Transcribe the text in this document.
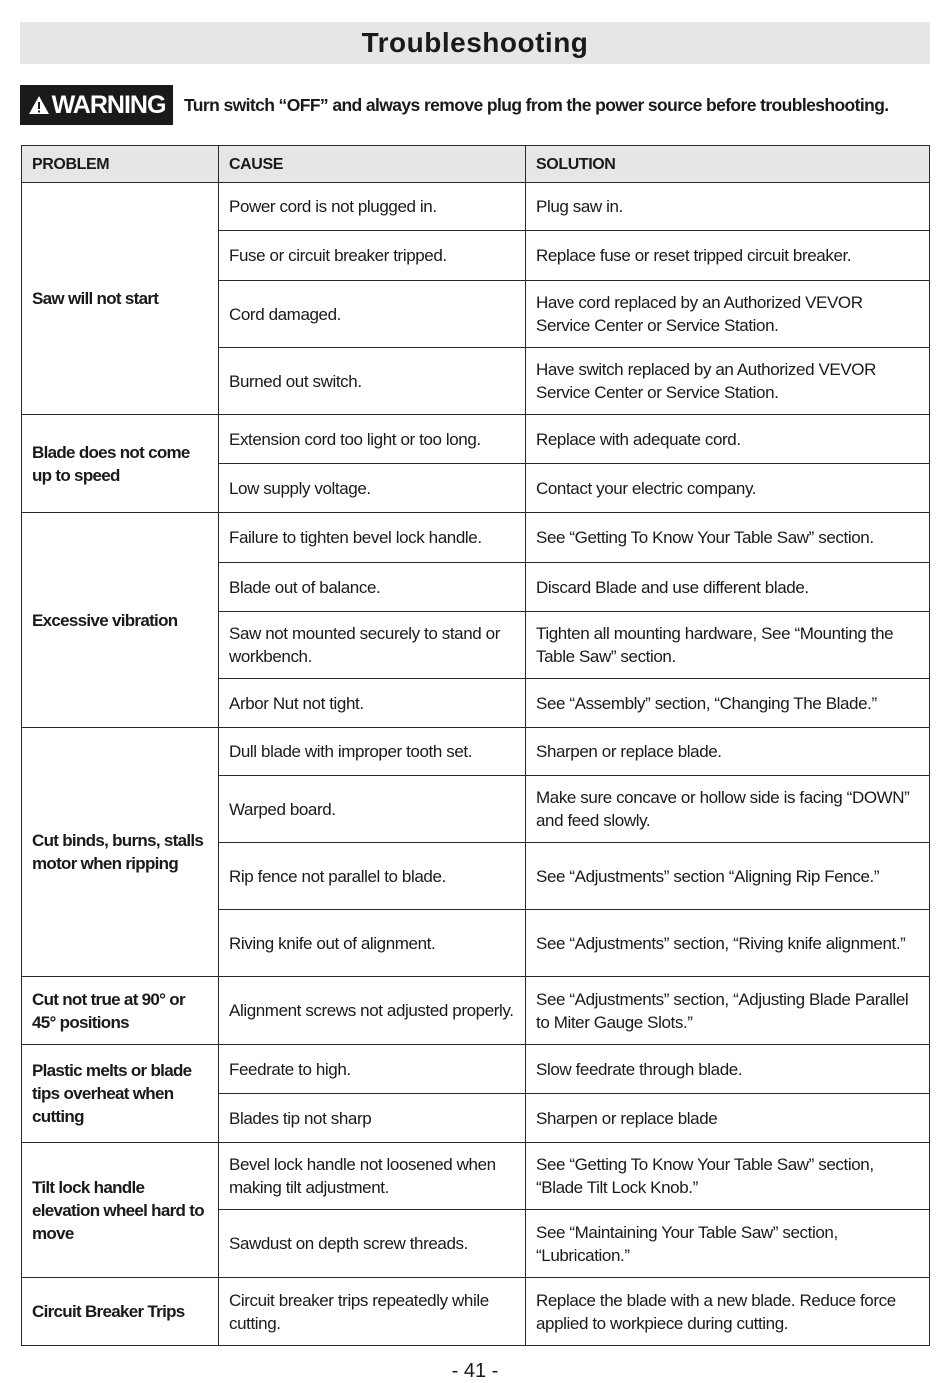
Troubleshooting
WARNING Turn switch “OFF” and always remove plug from the power source before troubleshooting.
PROBLEM	CAUSE	SOLUTION
Saw will not start	Power cord is not plugged in.	Plug saw in.
	Fuse or circuit breaker tripped.	Replace fuse or reset tripped circuit breaker.
	Cord damaged.	Have cord replaced by an Authorized VEVOR Service Center or Service Station.
	Burned out switch.	Have switch replaced by an Authorized VEVOR Service Center or Service Station.
Blade does not come up to speed	Extension cord too light or too long.	Replace with adequate cord.
	Low supply voltage.	Contact your electric company.
Excessive vibration	Failure to tighten bevel lock handle.	See “Getting To Know Your Table Saw” section.
	Blade out of balance.	Discard Blade and use different blade.
	Saw not mounted securely to stand or workbench.	Tighten all mounting hardware, See “Mounting the Table Saw” section.
	Arbor Nut not tight.	See “Assembly” section, “Changing The Blade.”
Cut binds, burns, stalls motor when ripping	Dull blade with improper tooth set.	Sharpen or replace blade.
	Warped board.	Make sure concave or hollow side is facing “DOWN” and feed slowly.
	Rip fence not parallel to blade.	See “Adjustments” section “Aligning Rip Fence.”
	Riving knife out of alignment.	See “Adjustments” section, “Riving knife alignment.”
Cut not true at 90° or 45° positions	Alignment screws not adjusted properly.	See “Adjustments” section, “Adjusting Blade Parallel to Miter Gauge Slots.”
Plastic melts or blade tips overheat when cutting	Feedrate to high.	Slow feedrate through blade.
	Blades tip not sharp	Sharpen or replace blade
Tilt lock handle elevation wheel hard to move	Bevel lock handle not loosened when making tilt adjustment.	See “Getting To Know Your Table Saw” section, “Blade Tilt Lock Knob.”
	Sawdust on depth screw threads.	See “Maintaining Your Table Saw” section, “Lubrication.”
Circuit Breaker Trips	Circuit breaker trips repeatedly while cutting.	Replace the blade with a new blade. Reduce force applied to workpiece during cutting.
- 41 -
